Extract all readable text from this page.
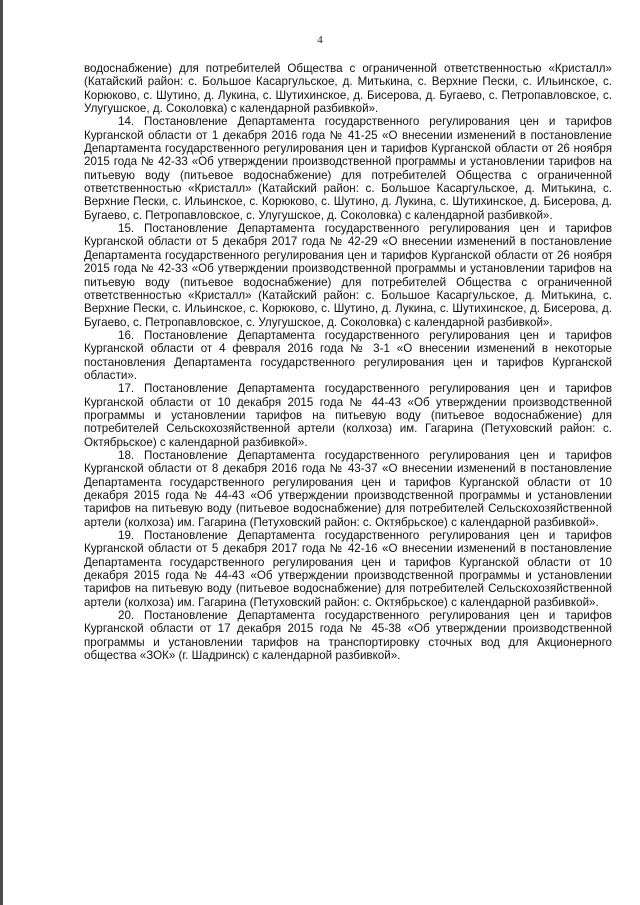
4

водоснабжение) для потребителей Общества с ограниченной ответственностью «Кристалл» (Катайский район: с. Большое Касаргульское, д. Митькина, с. Верхние Пески, с. Ильинское, с. Корюково, с. Шутино, д. Лукина, с. Шутихинское, д. Бисерова, д. Бугаево, с. Петропавловское, с. Улугушское, д. Соколовка) с календарной разбивкой».

14. Постановление Департамента государственного регулирования цен и тарифов Курганской области от 1 декабря 2016 года № 41-25 «О внесении изменений в постановление Департамента государственного регулирования цен и тарифов Курганской области от 26 ноября 2015 года № 42-33 «Об утверждении производственной программы и установлении тарифов на питьевую воду (питьевое водоснабжение) для потребителей Общества с ограниченной ответственностью «Кристалл» (Катайский район: с. Большое Касаргульское, д. Митькина, с. Верхние Пески, с. Ильинское, с. Корюково, с. Шутино, д. Лукина, с. Шутихинское, д. Бисерова, д. Бугаево, с. Петропавловское, с. Улугушское, д. Соколовка) с календарной разбивкой».

15. Постановление Департамента государственного регулирования цен и тарифов Курганской области от 5 декабря 2017 года № 42-29 «О внесении изменений в постановление Департамента государственного регулирования цен и тарифов Курганской области от 26 ноября 2015 года № 42-33 «Об утверждении производственной программы и установлении тарифов на питьевую воду (питьевое водоснабжение) для потребителей Общества с ограниченной ответственностью «Кристалл» (Катайский район: с. Большое Касаргульское, д. Митькина, с. Верхние Пески, с. Ильинское, с. Корюково, с. Шутино, д. Лукина, с. Шутихинское, д. Бисерова, д. Бугаево, с. Петропавловское, с. Улугушское, д. Соколовка) с календарной разбивкой».

16. Постановление Департамента государственного регулирования цен и тарифов Курганской области от 4 февраля 2016 года № 3-1 «О внесении изменений в некоторые постановления Департамента государственного регулирования цен и тарифов Курганской области».

17. Постановление Департамента государственного регулирования цен и тарифов Курганской области от 10 декабря 2015 года № 44-43 «Об утверждении производственной программы и установлении тарифов на питьевую воду (питьевое водоснабжение) для потребителей Сельскохозяйственной артели (колхоза) им. Гагарина (Петуховский район: с. Октябрьское) с календарной разбивкой».

18. Постановление Департамента государственного регулирования цен и тарифов Курганской области от 8 декабря 2016 года № 43-37 «О внесении изменений в постановление Департамента государственного регулирования цен и тарифов Курганской области от 10 декабря 2015 года № 44-43 «Об утверждении производственной программы и установлении тарифов на питьевую воду (питьевое водоснабжение) для потребителей Сельскохозяйственной артели (колхоза) им. Гагарина (Петуховский район: с. Октябрьское) с календарной разбивкой».

19. Постановление Департамента государственного регулирования цен и тарифов Курганской области от 5 декабря 2017 года № 42-16 «О внесении изменений в постановление Департамента государственного регулирования цен и тарифов Курганской области от 10 декабря 2015 года № 44-43 «Об утверждении производственной программы и установлении тарифов на питьевую воду (питьевое водоснабжение) для потребителей Сельскохозяйственной артели (колхоза) им. Гагарина (Петуховский район: с. Октябрьское) с календарной разбивкой».

20. Постановление Департамента государственного регулирования цен и тарифов Курганской области от 17 декабря 2015 года № 45-38 «Об утверждении производственной программы и установлении тарифов на транспортировку сточных вод для Акционерного общества «ЗОК» (г. Шадринск) с календарной разбивкой».
